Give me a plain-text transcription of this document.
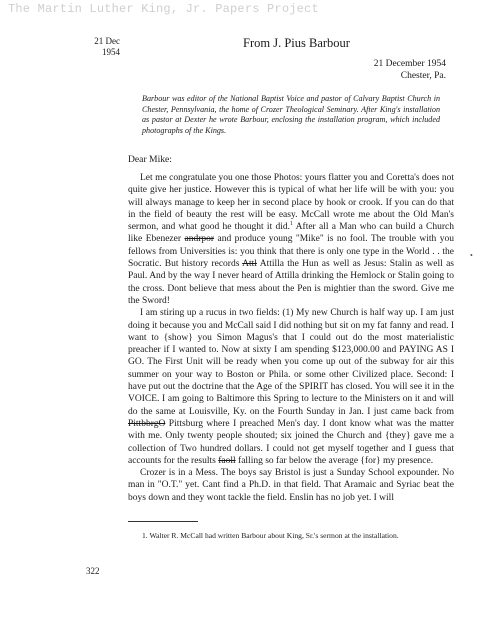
The Martin Luther King, Jr. Papers Project
21 Dec
1954
From J. Pius Barbour
21 December 1954
Chester, Pa.
Barbour was editor of the National Baptist Voice and pastor of Calvary Baptist Church in Chester, Pennsylvania, the home of Crozer Theological Seminary. After King's installation as pastor at Dexter he wrote Barbour, enclosing the installation program, which included photographs of the Kings.
Dear Mike:

Let me congratulate you one those Photos: yours flatter you and Coretta's does not quite give her justice. However this is typical of what her life will be with you: you will always manage to keep her in second place by hook or crook. If you can do that in the field of beauty the rest will be easy. McCall wrote me about the Old Man's sermon, and what good he thought it did.$^1$ After all a Man who can build a Church like Ebenezer andrpor and produce young "Mike" is no fool. The trouble with you fellows from Universities is: you think that there is only one type in the World . . the Socratic. But history records Attl Attilla the Hun as well as Jesus: Stalin as well as Paul. And by the way I never heard of Attilla drinking the Hemlock or Stalin going to the cross. Dont believe that mess about the Pen is mightier than the sword. Give me the Sword!

I am stiring up a rucus in two fields: (1) My new Church is half way up. I am just doing it because you and McCall said I did nothing but sit on my fat fanny and read. I want to {show} you Simon Magus's that I could out do the most materialistic preacher if I wanted to. Now at sixty I am spending $123,000.00 and PAYING AS I GO. The First Unit will be ready when you come up out of the subway for air this summer on your way to Boston or Phila. or some other Civilized place. Second: I have put out the doctrine that the Age of the SPIRIT has closed. You will see it in the VOICE. I am going to Baltimore this Spring to lecture to the Ministers on it and will do the same at Louisville, Ky. on the Fourth Sunday in Jan. I just came back from PittbbrgO Pittsburg where I preached Men's day. I dont know what was the matter with me. Only twenty people shouted; six joined the Church and {they} gave me a collection of Two hundred dollars. I could not get myself together and I guess that accounts for the results faoll falling so far below the average {for} my presence.

Crozer is in a Mess. The boys say Bristol is just a Sunday School expounder. No man in "O.T." yet. Cant find a Ph.D. in that field. That Aramaic and Syriac beat the boys down and they wont tackle the field. Enslin has no job yet. I will

•
1. Walter R. McCall had written Barbour about King, Sr.'s sermon at the installation.
322
